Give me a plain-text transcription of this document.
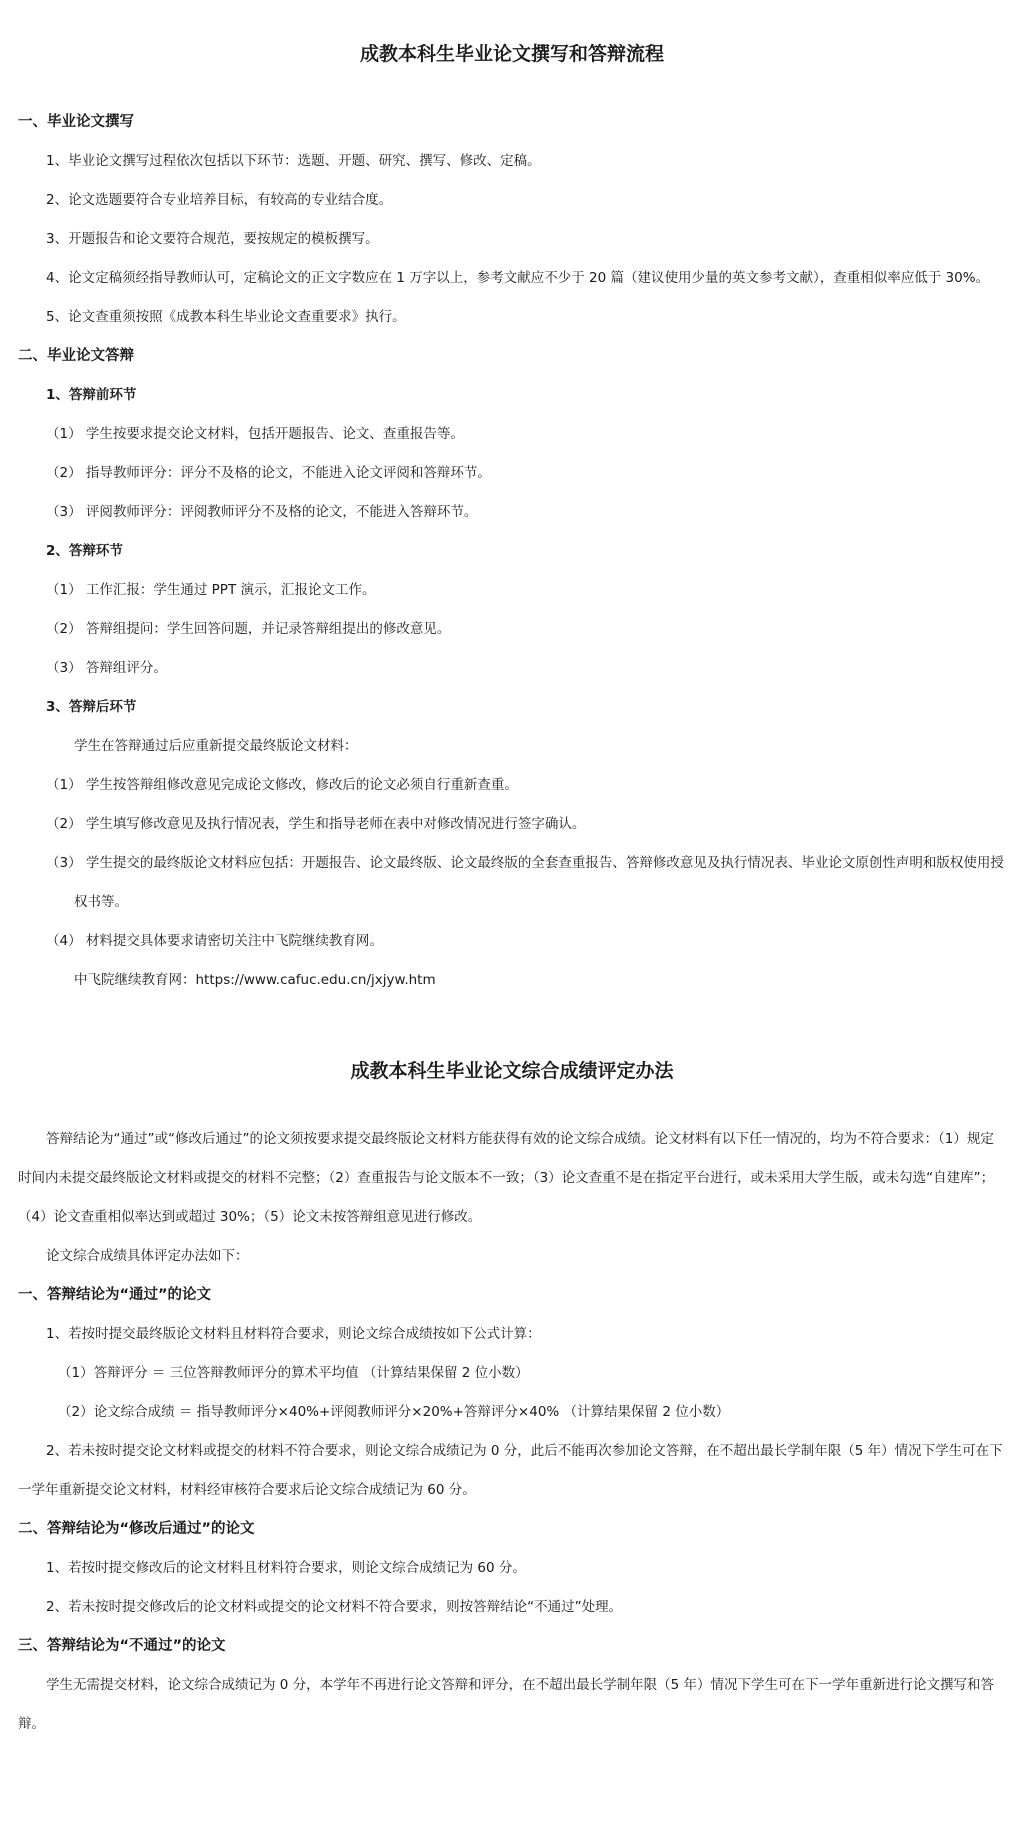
成教本科生毕业论文撰写和答辩流程
一、毕业论文撰写

1、毕业论文撰写过程依次包括以下环节：选题、开题、研究、撰写、修改、定稿。

2、论文选题要符合专业培养目标，有较高的专业结合度。

3、开题报告和论文要符合规范，要按规定的模板撰写。

4、论文定稿须经指导教师认可，定稿论文的正文字数应在 1 万字以上，参考文献应不少于 20 篇（建议使用少量的英文参考文献），查重相似率应低于 30%。

5、论文查重须按照《成教本科生毕业论文查重要求》执行。

二、毕业论文答辩
1、答辩前环节

（1） 学生按要求提交论文材料，包括开题报告、论文、查重报告等。

（2） 指导教师评分：评分不及格的论文，不能进入论文评阅和答辩环节。

（3） 评阅教师评分：评阅教师评分不及格的论文，不能进入答辩环节。

2、答辩环节

（1） 工作汇报：学生通过 PPT 演示，汇报论文工作。

（2） 答辩组提问：学生回答问题，并记录答辩组提出的修改意见。

（3） 答辩组评分。

3、答辩后环节

学生在答辩通过后应重新提交最终版论文材料：

（1） 学生按答辩组修改意见完成论文修改，修改后的论文必须自行重新查重。

（2） 学生填写修改意见及执行情况表，学生和指导老师在表中对修改情况进行签字确认。

（3） 学生提交的最终版论文材料应包括：开题报告、论文最终版、论文最终版的全套查重报告、答辩修改意见及执行情况表、毕业论文原创性声明和版权使用授权书等。

（4） 材料提交具体要求请密切关注中飞院继续教育网。

中飞院继续教育网：https://www.cafuc.edu.cn/jxjyw.htm

成教本科生毕业论文综合成绩评定办法

答辩结论为“通过”或“修改后通过”的论文须按要求提交最终版论文材料方能获得有效的论文综合成绩。论文材料有以下任一情况的，均为不符合要求：（1）规定时间内未提交最终版论文材料或提交的材料不完整；（2）查重报告与论文版本不一致；（3）论文查重不是在指定平台进行，或未采用大学生版，或未勾选“自建库”；（4）论文查重相似率达到或超过 30%；（5）论文未按答辩组意见进行修改。

论文综合成绩具体评定办法如下：

一、答辩结论为“通过”的论文

1、若按时提交最终版论文材料且材料符合要求，则论文综合成绩按如下公式计算：

（1）答辩评分 ＝ 三位答辩教师评分的算术平均值 （计算结果保留 2 位小数）

（2）论文综合成绩 ＝ 指导教师评分×40%+评阅教师评分×20%+答辩评分×40% （计算结果保留 2 位小数）

2、若未按时提交论文材料或提交的材料不符合要求，则论文综合成绩记为 0 分，此后不能再次参加论文答辩，在不超出最长学制年限（5 年）情况下学生可在下一学年重新提交论文材料，材料经审核符合要求后论文综合成绩记为 60 分。

二、答辩结论为“修改后通过”的论文

1、若按时提交修改后的论文材料且材料符合要求，则论文综合成绩记为 60 分。

2、若未按时提交修改后的论文材料或提交的论文材料不符合要求，则按答辩结论“不通过”处理。

三、答辩结论为“不通过”的论文

学生无需提交材料，论文综合成绩记为 0 分，本学年不再进行论文答辩和评分，在不超出最长学制年限（5 年）情况下学生可在下一学年重新进行论文撰写和答辩。
